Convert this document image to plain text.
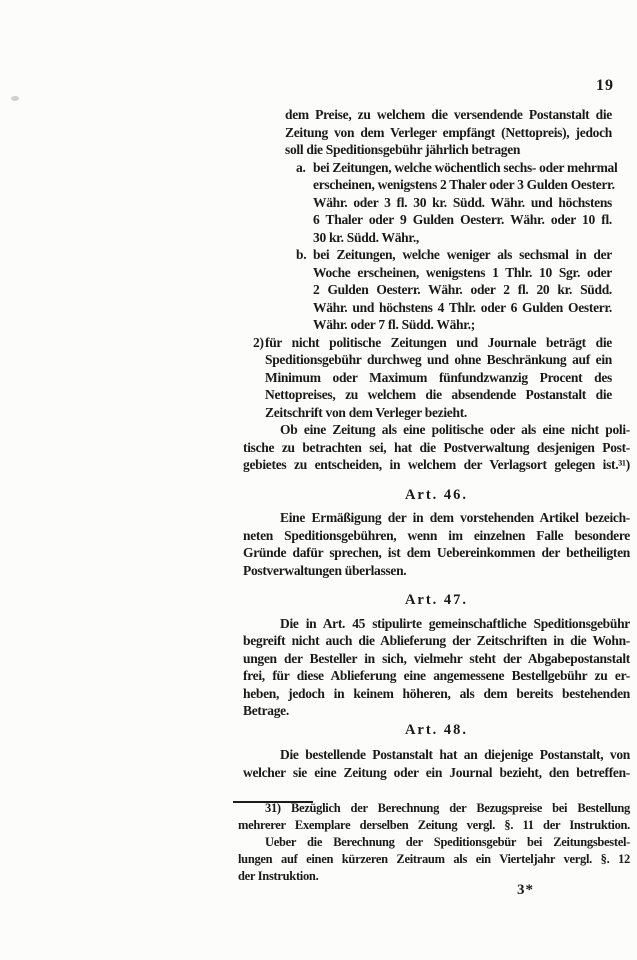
19
dem Preise, zu welchem die versendende Postanstalt die
Zeitung von dem Verleger empfängt (Nettopreis), jedoch
soll die Speditionsgebühr jährlich betragen
a. bei Zeitungen, welche wöchentlich sechs- oder mehrmal
erscheinen, wenigstens 2 Thaler oder 3 Gulden Oesterr.
Währ. oder 3 fl. 30 kr. Südd. Währ. und höchstens
6 Thaler oder 9 Gulden Oesterr. Währ. oder 10 fl.
30 kr. Südd. Währ.,
b. bei Zeitungen, welche weniger als sechsmal in der
Woche erscheinen, wenigstens 1 Thlr. 10 Sgr. oder
2 Gulden Oesterr. Währ. oder 2 fl. 20 kr. Südd.
Währ. und höchstens 4 Thlr. oder 6 Gulden Oesterr.
Währ. oder 7 fl. Südd. Währ.;
2) für nicht politische Zeitungen und Journale beträgt die
Speditionsgebühr durchweg und ohne Beschränkung auf ein
Minimum oder Maximum fünfundzwanzig Procent des
Nettopreises, zu welchem die absendende Postanstalt die
Zeitschrift von dem Verleger bezieht.
Ob eine Zeitung als eine politische oder als eine nicht poli-
tische zu betrachten sei, hat die Postverwaltung desjenigen Post-
gebietes zu entscheiden, in welchem der Verlagsort gelegen ist.³¹)
Art. 46.
Eine Ermäßigung der in dem vorstehenden Artikel bezeich-
neten Speditionsgebühren, wenn im einzelnen Falle besondere
Gründe dafür sprechen, ist dem Uebereinkommen der betheiligten
Postverwaltungen überlassen.
Art. 47.
Die in Art. 45 stipulirte gemeinschaftliche Speditionsgebühr
begreift nicht auch die Ablieferung der Zeitschriften in die Wohn-
ungen der Besteller in sich, vielmehr steht der Abgabepostanstalt
frei, für diese Ablieferung eine angemessene Bestellgebühr zu er-
heben, jedoch in keinem höheren, als dem bereits bestehenden
Betrage.
Art. 48.
Die bestellende Postanstalt hat an diejenige Postanstalt, von
welcher sie eine Zeitung oder ein Journal bezieht, den betreffen-
31) Bezüglich der Berechnung der Bezugspreise bei Bestellung
mehrerer Exemplare derselben Zeitung vergl. §. 11 der Instruktion.
Ueber die Berechnung der Speditionsgebür bei Zeitungsbestel-
lungen auf einen kürzeren Zeitraum als ein Vierteljahr vergl. §. 12
der Instruktion.
3*
